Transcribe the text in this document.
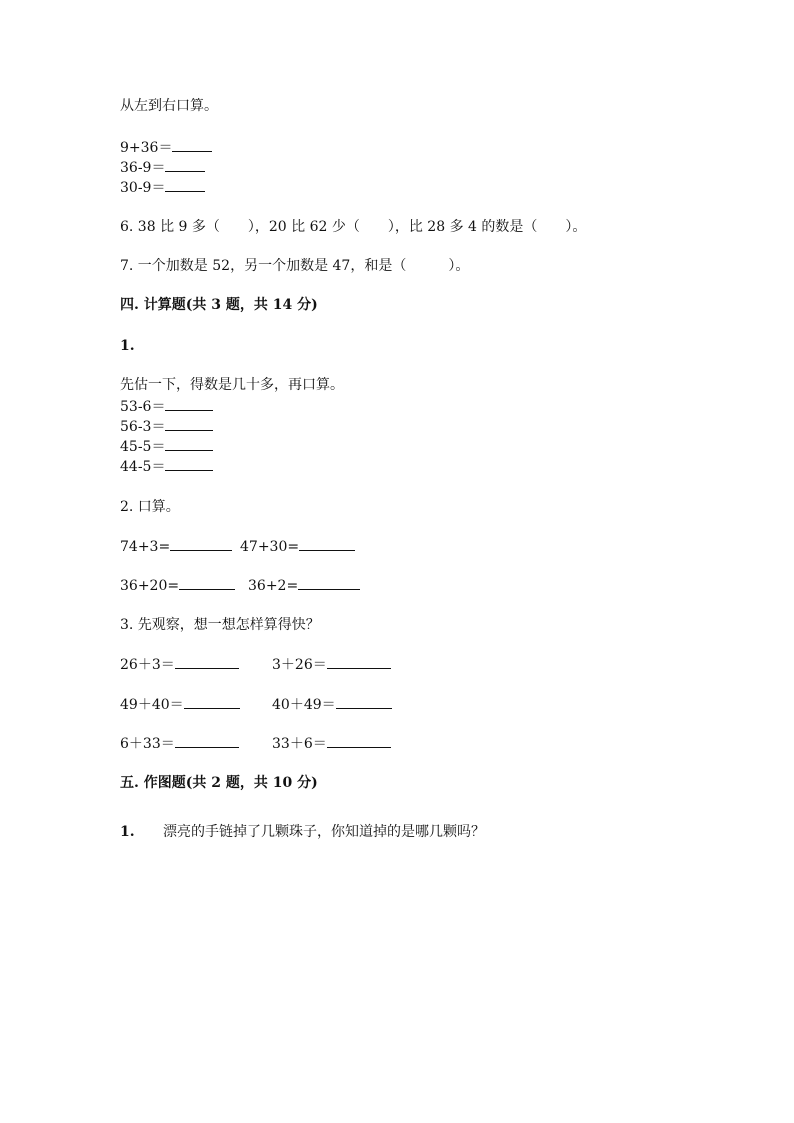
从左到右口算。
9+36＝
36-9＝
30-9＝
6. 38 比 9 多（　　），20 比 62 少（　　），比 28 多 4 的数是（　　）。
7. 一个加数是 52，另一个加数是 47，和是（　　　）。
四. 计算题(共 3 题，共 14 分)
1.
先估一下，得数是几十多，再口算。
53-6＝
56-3＝
45-5＝
44-5＝
2. 口算。
74+3=	47+30=
36+20=	36+2=
3. 先观察，想一想怎样算得快？
26＋3＝	3＋26＝
49＋40＝	40＋49＝
6＋33＝	33＋6＝
五. 作图题(共 2 题，共 10 分)
1. 漂亮的手链掉了几颗珠子，你知道掉的是哪几颗吗？
